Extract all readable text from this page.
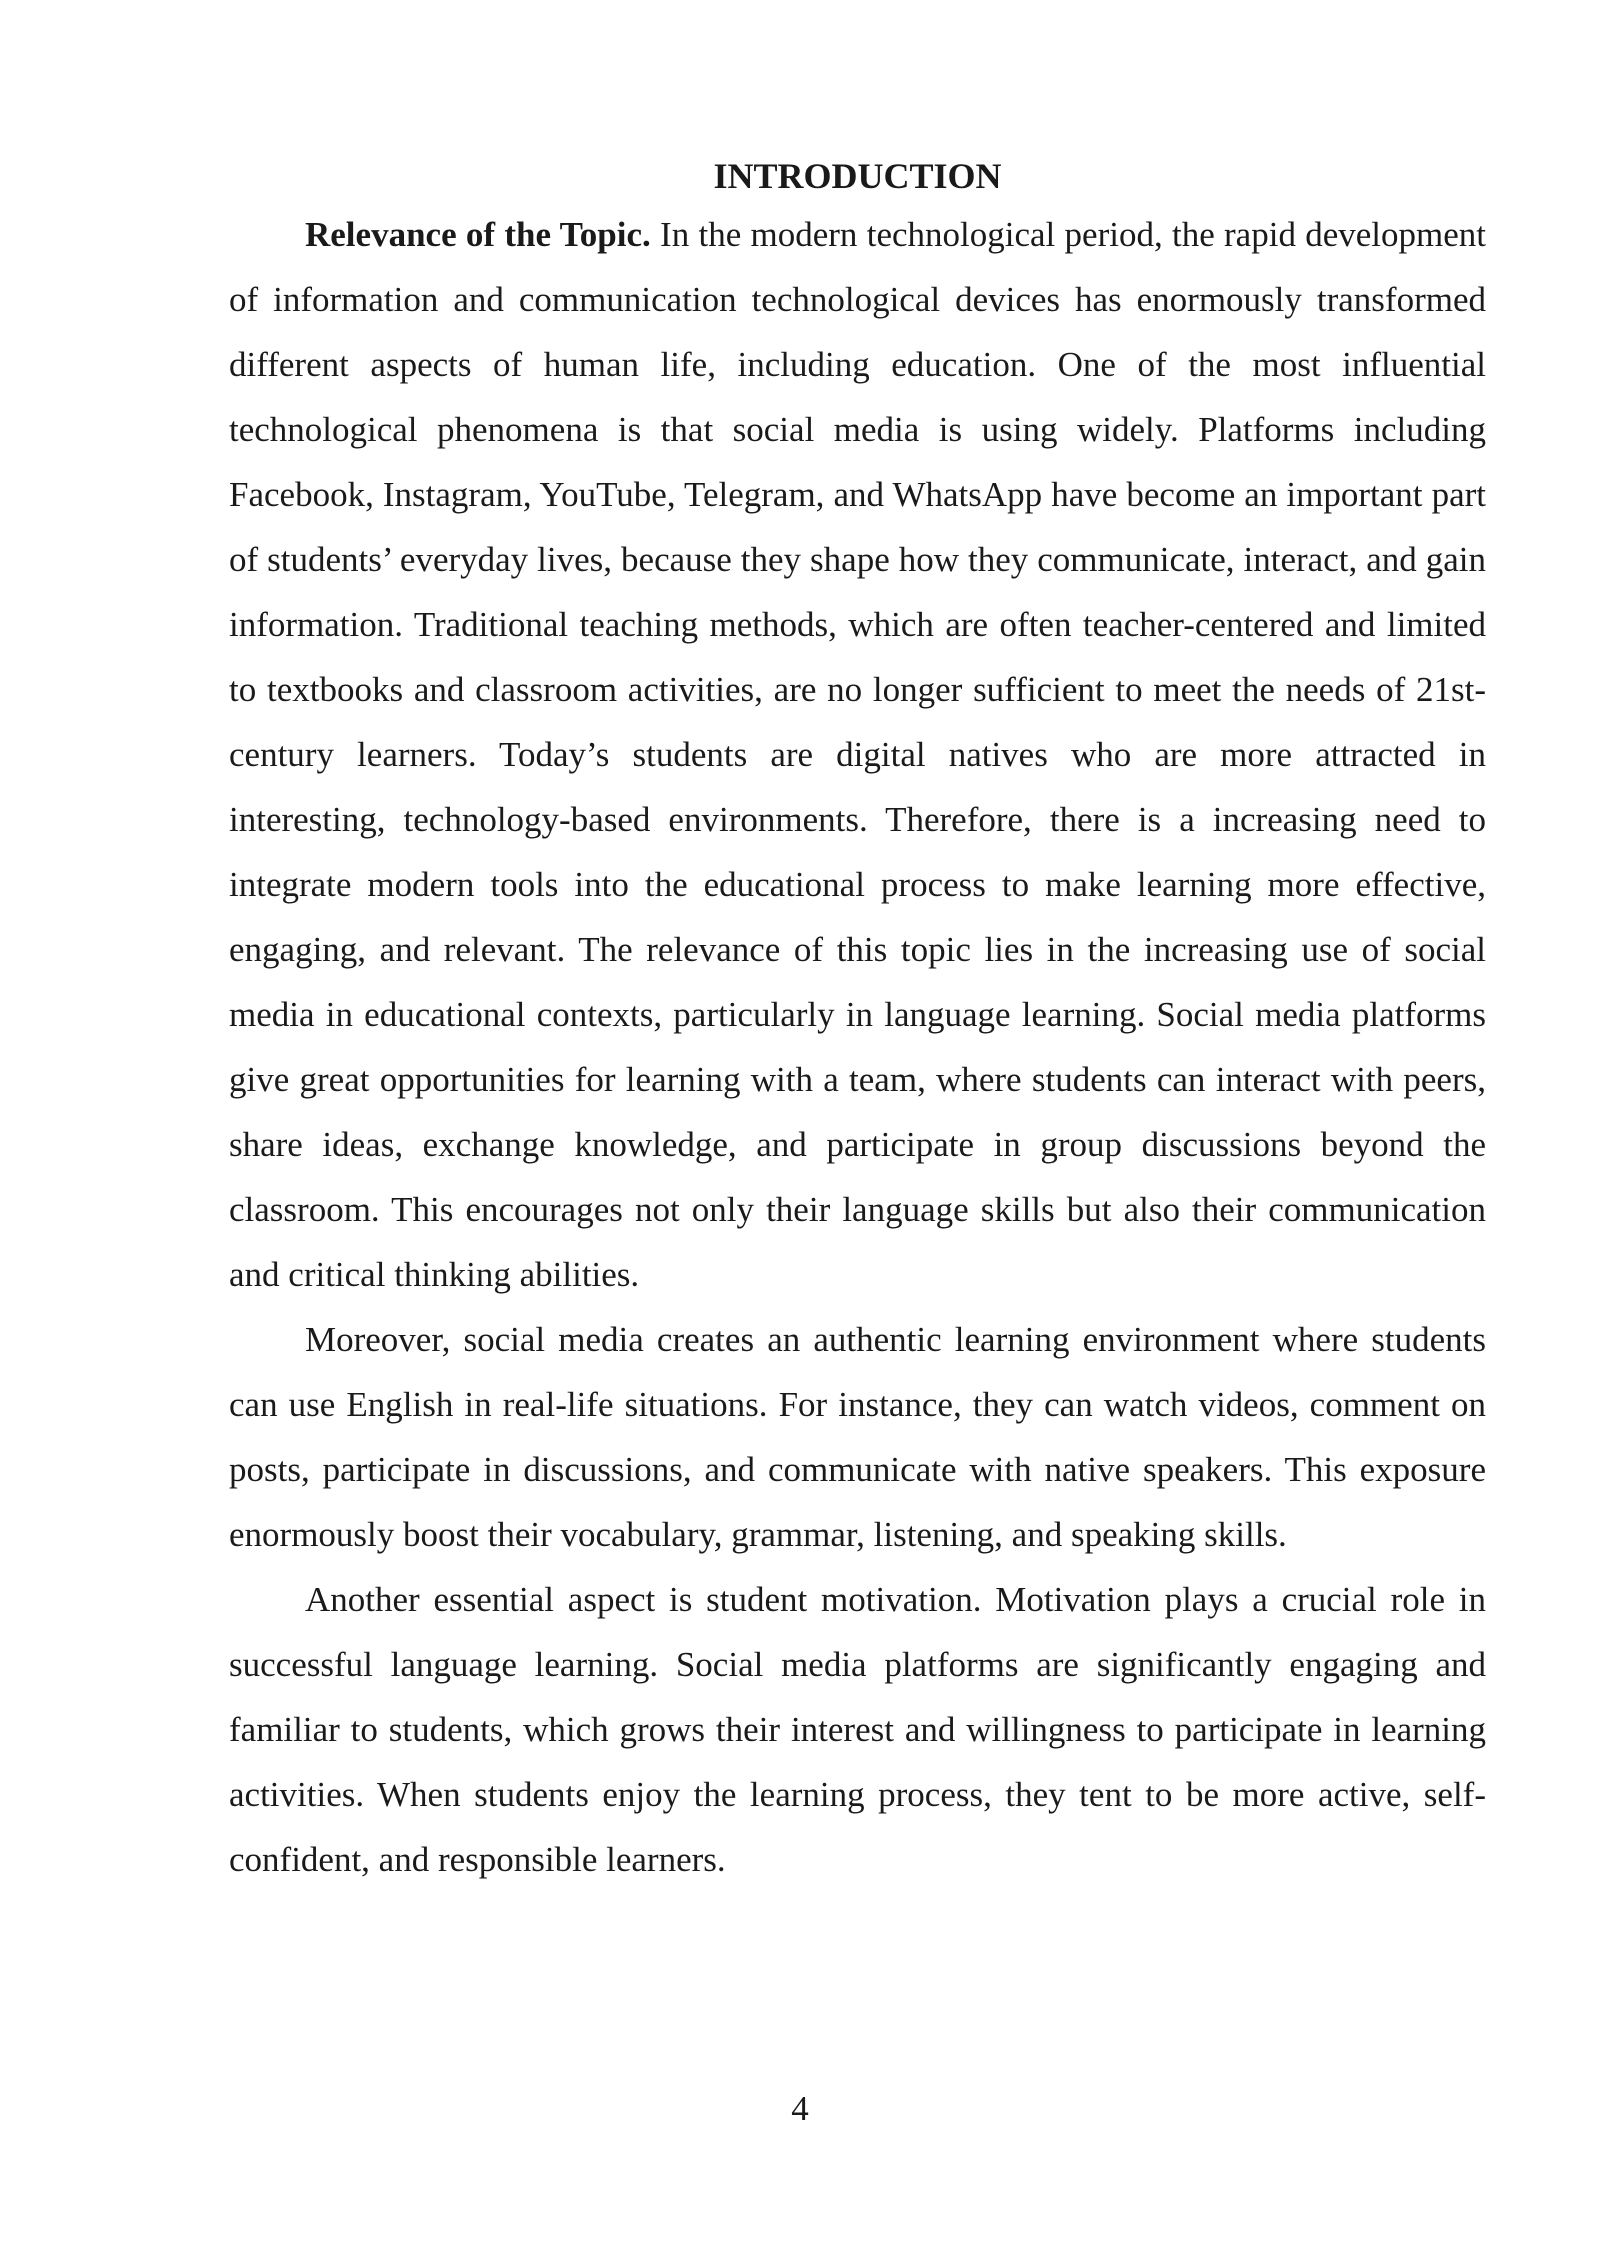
INTRODUCTION

Relevance of the Topic. In the modern technological period, the rapid development of information and communication technological devices has enormously transformed different aspects of human life, including education. One of the most influential technological phenomena is that social media is using widely. Platforms including Facebook, Instagram, YouTube, Telegram, and WhatsApp have become an important part of students’ everyday lives, because they shape how they communicate, interact, and gain information. Traditional teaching methods, which are often teacher-centered and limited to textbooks and classroom activities, are no longer sufficient to meet the needs of 21st-century learners. Today’s students are digital natives who are more attracted in interesting, technology-based environments. Therefore, there is a increasing need to integrate modern tools into the educational process to make learning more effective, engaging, and relevant. The relevance of this topic lies in the increasing use of social media in educational contexts, particularly in language learning. Social media platforms give great opportunities for learning with a team, where students can interact with peers, share ideas, exchange knowledge, and participate in group discussions beyond the classroom. This encourages not only their language skills but also their communication and critical thinking abilities.

Moreover, social media creates an authentic learning environment where students can use English in real-life situations. For instance, they can watch videos, comment on posts, participate in discussions, and communicate with native speakers. This exposure enormously boost their vocabulary, grammar, listening, and speaking skills.

Another essential aspect is student motivation. Motivation plays a crucial role in successful language learning. Social media platforms are significantly engaging and familiar to students, which grows their interest and willingness to participate in learning activities. When students enjoy the learning process, they tent to be more active, self-confident, and responsible learners.

4
